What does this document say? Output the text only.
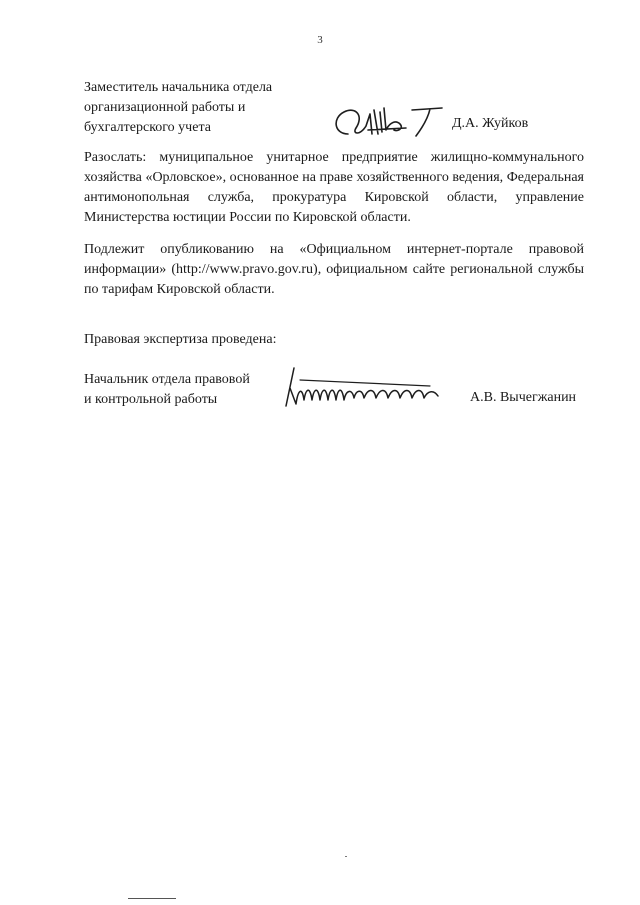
3
Заместитель начальника отдела
организационной работы и
бухгалтерского учета	Д.А. Жуйков
Разослать: муниципальное унитарное предприятие жилищно-коммунального хозяйства «Орловское», основанное на праве хозяйственного ведения, Федеральная антимонопольная служба, прокуратура Кировской области, управление Министерства юстиции России по Кировской области.
Подлежит опубликованию на «Официальном интернет-портале правовой информации» (http://www.pravo.gov.ru), официальном сайте региональной службы по тарифам Кировской области.
Правовая экспертиза проведена:
Начальник отдела правовой
и контрольной работы	А.В. Вычегжанин
